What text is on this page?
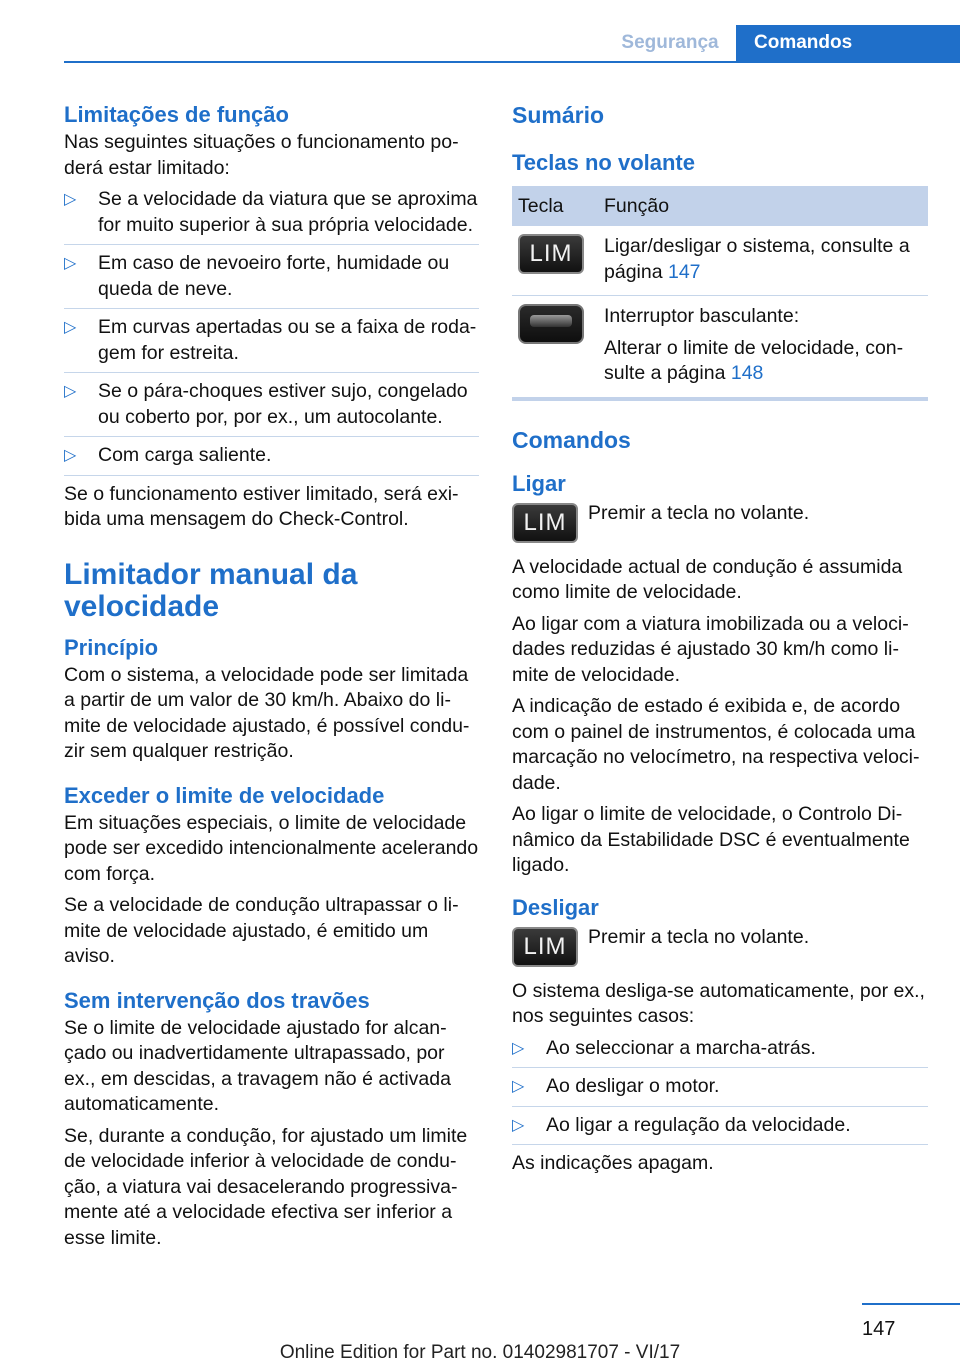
Segurança	Comandos
Limitações de função

Nas seguintes situações o funcionamento poderá estar limitado:

▷	Se a velocidade da viatura que se aproxima for muito superior à sua própria velocidade.
▷	Em caso de nevoeiro forte, humidade ou queda de neve.
▷	Em curvas apertadas ou se a faixa de rodagem for estreita.
▷	Se o pára-choques estiver sujo, congelado ou coberto por, por ex., um autocolante.
▷	Com carga saliente.

Se o funcionamento estiver limitado, será exibida uma mensagem do Check-Control.

Limitador manual da velocidade
Princípio

Com o sistema, a velocidade pode ser limitada a partir de um valor de 30 km/h. Abaixo do limite de velocidade ajustado, é possível conduzir sem qualquer restrição.

Exceder o limite de velocidade

Em situações especiais, o limite de velocidade pode ser excedido intencionalmente acelerando com força.

Se a velocidade de condução ultrapassar o limite de velocidade ajustado, é emitido um aviso.

Sem intervenção dos travões

Se o limite de velocidade ajustado for alcançado ou inadvertidamente ultrapassado, por ex., em descidas, a travagem não é activada automaticamente.

Se, durante a condução, for ajustado um limite de velocidade inferior à velocidade de condução, a viatura vai desacelerando progressivamente até a velocidade efectiva ser inferior a esse limite.

Sumário
Teclas no volante
Tecla	Função

LIM	Ligar/desligar o sistema, consulte a página 147

	Interruptor basculante:
Alterar o limite de velocidade, consulte a página 148
Comandos
Ligar
LIM	Premir a tecla no volante.

A velocidade actual de condução é assumida como limite de velocidade.

Ao ligar com a viatura imobilizada ou a velocidades reduzidas é ajustado 30 km/h como limite de velocidade.

A indicação de estado é exibida e, de acordo com o painel de instrumentos, é colocada uma marcação no velocímetro, na respectiva velocidade.

Ao ligar o limite de velocidade, o Controlo Dinâmico da Estabilidade DSC é eventualmente ligado.

Desligar
LIM	Premir a tecla no volante.

O sistema desliga-se automaticamente, por ex., nos seguintes casos:

▷	Ao seleccionar a marcha-atrás.
▷	Ao desligar o motor.
▷	Ao ligar a regulação da velocidade.

As indicações apagam.

147
Online Edition for Part no. 01402981707 - VI/17
